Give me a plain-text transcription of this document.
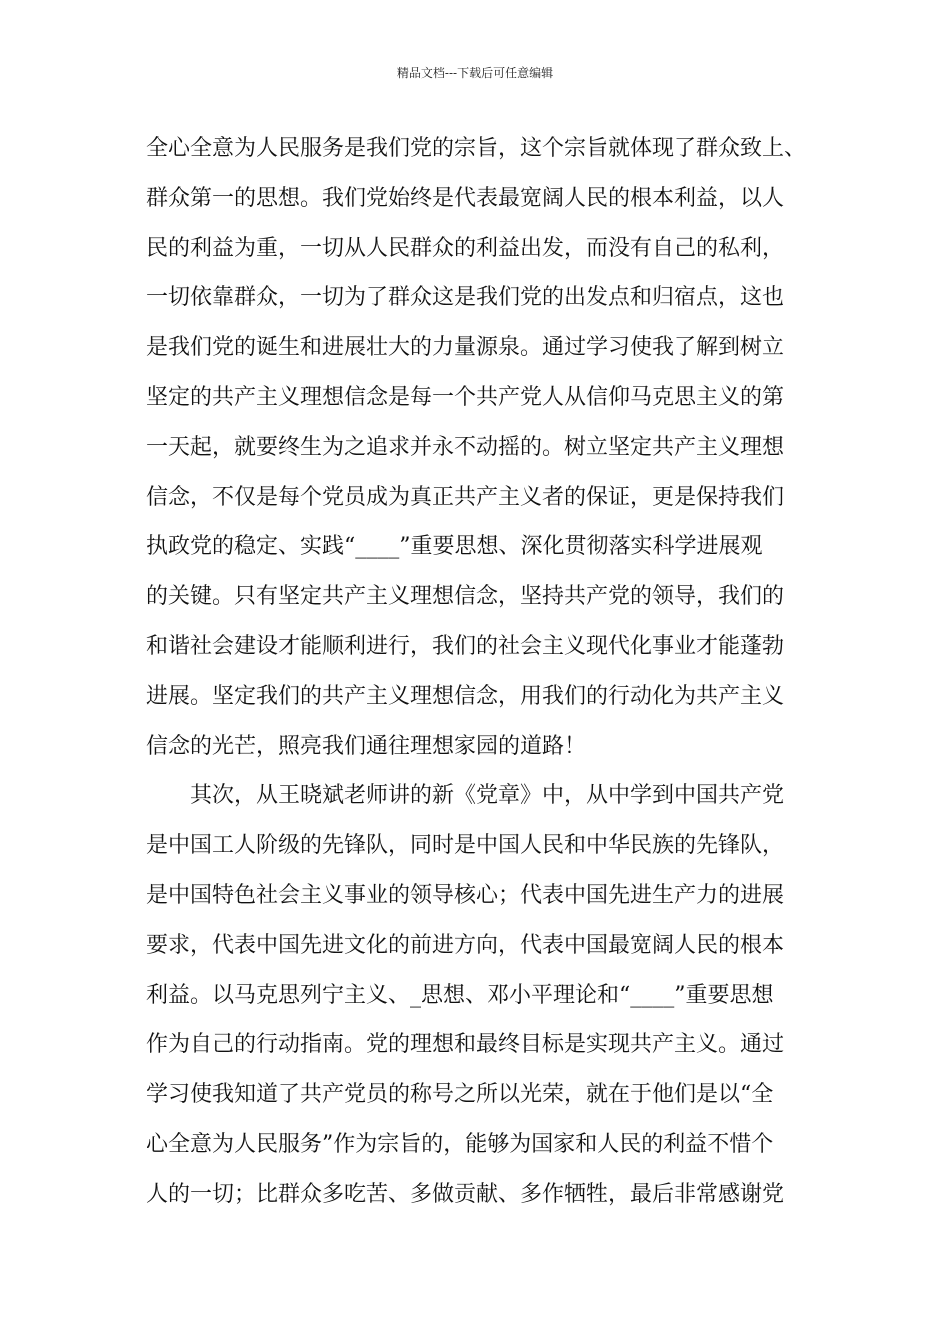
精品文档---下载后可任意编辑
全心全意为人民服务是我们党的宗旨，这个宗旨就体现了群众致上、
群众第一的思想。我们党始终是代表最宽阔人民的根本利益，以人
民的利益为重，一切从人民群众的利益出发，而没有自己的私利，
一切依靠群众，一切为了群众这是我们党的出发点和归宿点，这也
是我们党的诞生和进展壮大的力量源泉。通过学习使我了解到树立
坚定的共产主义理想信念是每一个共产党人从信仰马克思主义的第
一天起，就要终生为之追求并永不动摇的。树立坚定共产主义理想
信念，不仅是每个党员成为真正共产主义者的保证，更是保持我们
执政党的稳定、实践“____”重要思想、深化贯彻落实科学进展观
的关键。只有坚定共产主义理想信念，坚持共产党的领导，我们的
和谐社会建设才能顺利进行，我们的社会主义现代化事业才能蓬勃
进展。坚定我们的共产主义理想信念，用我们的行动化为共产主义
信念的光芒，照亮我们通往理想家园的道路！
其次，从王晓斌老师讲的新《党章》中，从中学到中国共产党
是中国工人阶级的先锋队，同时是中国人民和中华民族的先锋队，
是中国特色社会主义事业的领导核心；代表中国先进生产力的进展
要求，代表中国先进文化的前进方向，代表中国最宽阔人民的根本
利益。以马克思列宁主义、_思想、邓小平理论和“____”重要思想
作为自己的行动指南。党的理想和最终目标是实现共产主义。通过
学习使我知道了共产党员的称号之所以光荣，就在于他们是以“全
心全意为人民服务”作为宗旨的，能够为国家和人民的利益不惜个
人的一切；比群众多吃苦、多做贡献、多作牺牲，最后非常感谢党
